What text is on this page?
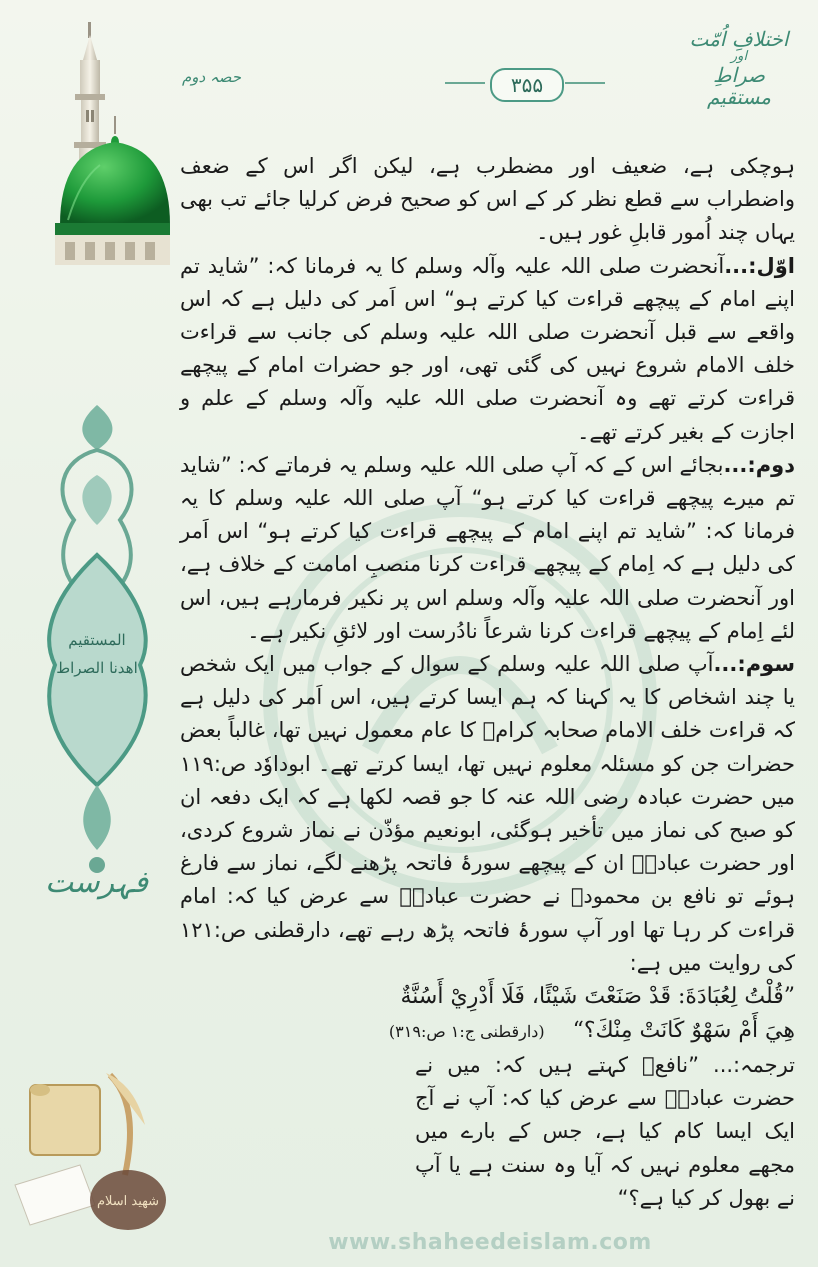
حصہ دوم	۳۵۵
اختلافِ اُمّت
اور
صراطِ مستقیم
المستقیم
اهدنا الصراط
فہرست
شهید اسلام

ہوچکی ہے، ضعیف اور مضطرب ہے، لیکن اگر اس کے ضعف واضطراب سے قطع نظر کر کے اس کو صحیح فرض کرلیا جائے تب بھی یہاں چند اُمور قابلِ غور ہیں۔

اوّل:...آنحضرت صلی اللہ علیہ وآلہ وسلم کا یہ فرمانا کہ: ”شاید تم اپنے امام کے پیچھے قراءت کیا کرتے ہو“ اس اَمر کی دلیل ہے کہ اس واقعے سے قبل آنحضرت صلی اللہ علیہ وسلم کی جانب سے قراءت خلف الامام شروع نہیں کی گئی تھی، اور جو حضرات امام کے پیچھے قراءت کرتے تھے وہ آنحضرت صلی اللہ علیہ وآلہ وسلم کے علم و اجازت کے بغیر کرتے تھے۔

دوم:...بجائے اس کے کہ آپ صلی اللہ علیہ وسلم یہ فرماتے کہ: ”شاید تم میرے پیچھے قراءت کیا کرتے ہو“ آپ صلی اللہ علیہ وسلم کا یہ فرمانا کہ: ”شاید تم اپنے امام کے پیچھے قراءت کیا کرتے ہو“ اس اَمر کی دلیل ہے کہ اِمام کے پیچھے قراءت کرنا منصبِ امامت کے خلاف ہے، اور آنحضرت صلی اللہ علیہ وآلہ وسلم اس پر نکیر فرمارہے ہیں، اس لئے اِمام کے پیچھے قراءت کرنا شرعاً نادُرست اور لائقِ نکیر ہے۔

سوم:...آپ صلی اللہ علیہ وسلم کے سوال کے جواب میں ایک شخص یا چند اشخاص کا یہ کہنا کہ ہم ایسا کرتے ہیں، اس اَمر کی دلیل ہے کہ قراءت خلف الامام صحابہ کرامؓ کا عام معمول نہیں تھا، غالباً بعض حضرات جن کو مسئلہ معلوم نہیں تھا، ایسا کرتے تھے۔ ابوداوٗد ص:۱۱۹ میں حضرت عبادہ رضی اللہ عنہ کا جو قصہ لکھا ہے کہ ایک دفعہ ان کو صبح کی نماز میں تأخیر ہوگئی، ابونعیم مؤذّن نے نماز شروع کردی، اور حضرت عبادہؓ ان کے پیچھے سورۂ فاتحہ پڑھنے لگے، نماز سے فارغ ہوئے تو نافع بن محمودؒ نے حضرت عبادہؓ سے عرض کیا کہ: امام قراءت کر رہا تھا اور آپ سورۂ فاتحہ پڑھ رہے تھے، دارقطنی ص:۱۲۱ کی روایت میں ہے:

”قُلْتُ لِعُبَادَةَ: قَدْ صَنَعْتَ شَيْئًا، فَلَا أَدْرِيْ أَسُنَّةٌ

هِيَ أَمْ سَهْوٌ كَانَتْ مِنْكَ؟“    (دارقطنی ج:۱ ص:۳۱۹)

ترجمہ:... ”نافعؒ کہتے ہیں کہ: میں نے حضرت عبادہؓ سے عرض کیا کہ: آپ نے آج ایک ایسا کام کیا ہے، جس کے بارے میں مجھے معلوم نہیں کہ آیا وہ سنت ہے یا آپ نے بھول کر کیا ہے؟“

www.shaheedeislam.com
